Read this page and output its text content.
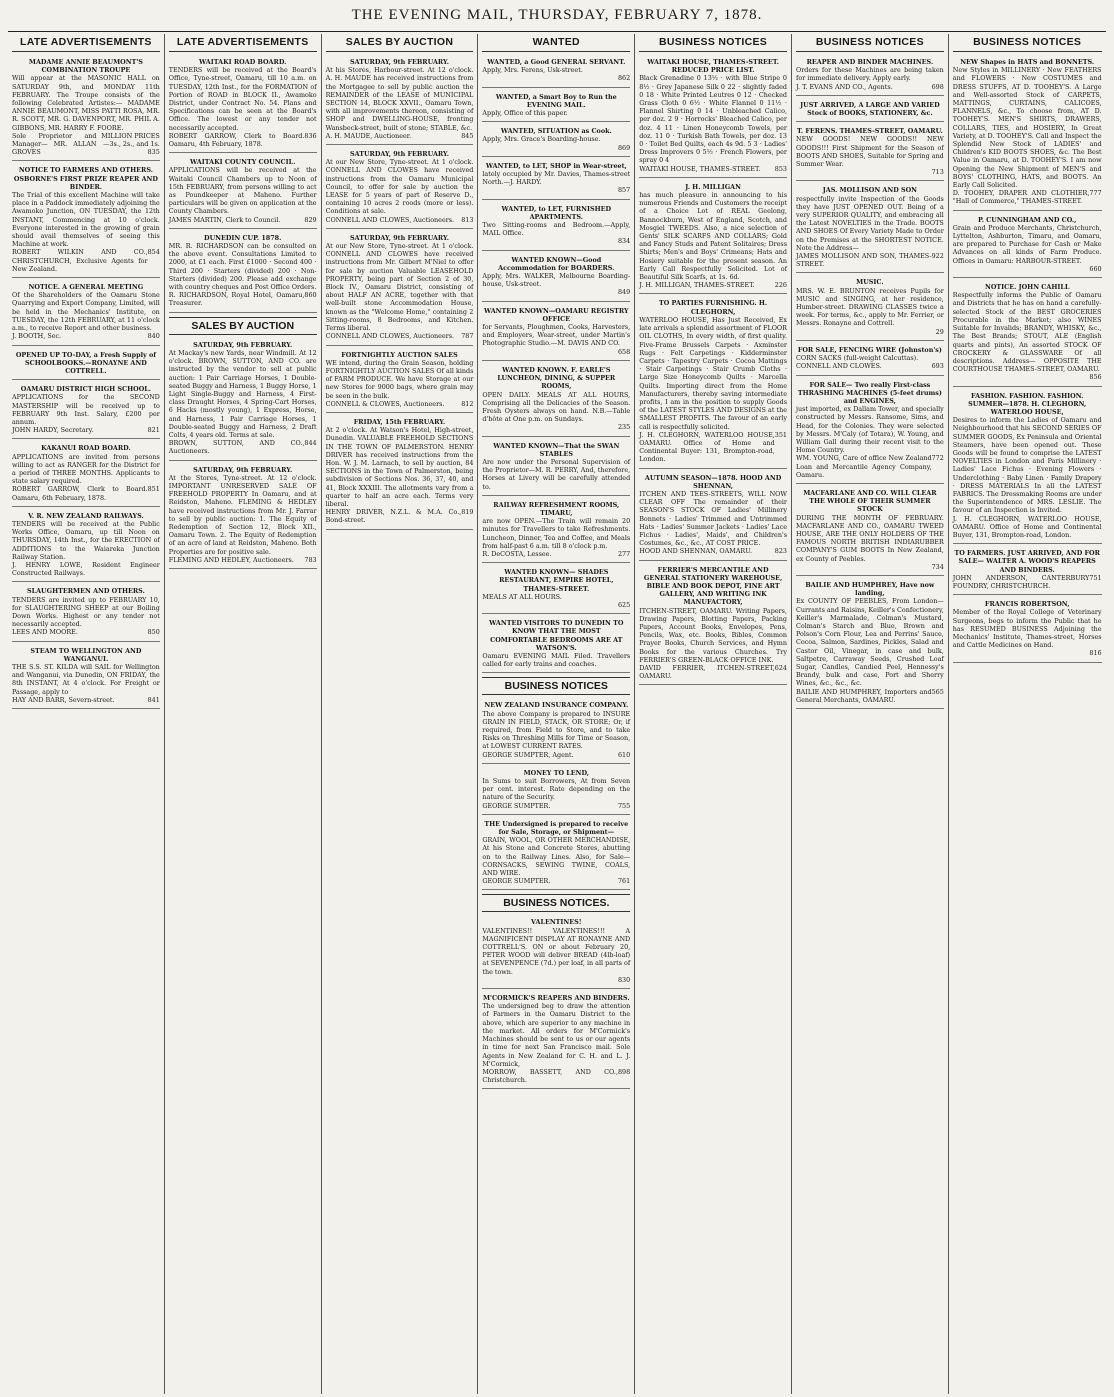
THE EVENING MAIL, THURSDAY, FEBRUARY 7, 1878.
LATE ADVERTISEMENTS

MADAME ANNIE BEAUMONT'S COMBINATION TROUPE

Will appear at the MASONIC HALL on SATURDAY 9th, and MONDAY 11th FEBRUARY. The Troupe consists of the following Celebrated Artistes:— MADAME ANNIE BEAUMONT, MISS PATTI ROSA, MR. R. SCOTT, MR. G. DAVENPORT, MR. PHIL A. GIBBONS, MR. HARRY F. FOORE.

Sole Proprietor and Manager— MR. ALLAN GROVES
MILLION PRICES—3s., 2s., and 1s. 835

NOTICE TO FARMERS AND OTHERS. OSBORNE'S FIRST PRIZE REAPER AND BINDER.

The Trial of this excellent Machine will take place in a Paddock immediately adjoining the Awamoko Junction, ON TUESDAY, the 12th INSTANT, Commencing at 10 o'clock. Everyone interested in the growing of grain should avail themselves of seeing this Machine at work.

ROBERT WILKIN AND CO., CHRISTCHURCH, Exclusive Agents for New Zealand.
854

NOTICE. A GENERAL MEETING

Of the Shareholders of the Oamaru Stone Quarrying and Export Company, Limited, will be held in the Mechanics' Institute, on TUESDAY, the 12th FEBRUARY, at 11 o'clock a.m., to receive Report and other business.

J. BOOTH, Sec.	840

OPENED UP TO-DAY, a Fresh Supply of SCHOOLBOOKS.—RONAYNE AND COTTRELL.

OAMARU DISTRICT HIGH SCHOOL.

APPLICATIONS for the SECOND MASTERSHIP will be received up to FEBRUARY 9th Inst. Salary, £200 per annum.

JOHN HARDY, Secretary.	821

KAKANUI ROAD BOARD.

APPLICATIONS are invited from persons willing to act as RANGER for the District for a period of THREE MONTHS. Applicants to state salary required.

ROBERT GARROW, Clerk to Board. Oamaru, 6th February, 1878.
851

V. R. NEW ZEALAND RAILWAYS.

TENDERS will be received at the Public Works Office, Oamaru, up till Noon on THURSDAY, 14th Inst., for the ERECTION of ADDITIONS to the Waiareka Junction Railway Station.

J. HENRY LOWE, Resident Engineer Constructed Railways.

SLAUGHTERMEN AND OTHERS.

TENDERS are invited up to FEBRUARY 10, for SLAUGHTERING SHEEP at our Boiling Down Works. Highest or any tender not necessarily accepted.

LEES AND MOORE.	850

STEAM TO WELLINGTON AND WANGANUI.

THE S.S. ST. KILDA will SAIL for Wellington and Wanganui, via Dunedin, ON FRIDAY, the 8th INSTANT, At 4 o'clock. For Freight or Passage, apply to

HAY AND BARR, Severn-street.	841
LATE ADVERTISEMENTS

WAITAKI ROAD BOARD.

TENDERS will be received at the Board's Office, Tyne-street, Oamaru, till 10 a.m. on TUESDAY, 12th Inst., for the FORMATION of Portion of ROAD in BLOCK II., Awamoko District, under Contract No. 54. Plans and Specifications can be seen at the Board's Office. The lowest or any tender not necessarily accepted.

ROBERT GARROW, Clerk to Board. Oamaru, 4th February, 1878.
836

WAITAKI COUNTY COUNCIL.

APPLICATIONS will be received at the Waitaki Council Chambers up to Noon of 15th FEBRUARY, from persons willing to act as Poundkeeper at Maheno. Further particulars will be given on application at the County Chambers.

JAMES MARTIN, Clerk to Council.	829

DUNEDIN CUP. 1878.

MR. R. RICHARDSON can be consulted on the above event. Consultations Limited to 2000, at £1 each. First £1000 · Second 400 · Third 200 · Starters (divided) 200 · Non-Starters (divided) 200. Please add exchange with country cheques and Post Office Orders.

R. RICHARDSON, Royal Hotel, Oamaru, Treasurer.
860
SALES BY AUCTION

SATURDAY, 9th FEBRUARY.

At Mackay's new Yards, near Windmill. At 12 o'clock. BROWN, SUTTON, AND CO. are instructed by the vendor to sell at public auction: 1 Pair Carriage Horses, 1 Double-seated Buggy and Harness, 1 Buggy Horse, 1 Light Single-Buggy and Harness, 4 First-class Draught Horses, 4 Spring-Cart Horses, 6 Hacks (mostly young), 1 Express, Horse, and Harness, 1 Pair Carriage Horses, 1 Double-seated Buggy and Harness, 2 Draft Colts, 4 years old. Terms at sale.

BROWN, SUTTON, AND CO., Auctioneers.
844

SATURDAY, 9th FEBRUARY.

At the Stores, Tyne-street. At 12 o'clock. IMPORTANT UNRESERVED SALE OF FREEHOLD PROPERTY In Oamaru, and at Reidston, Maheno. FLEMING & HEDLEY have received instructions from Mr. J. Farrar to sell by public auction: 1. The Equity of Redemption of Section 12, Block XII., Oamaru Town. 2. The Equity of Redemption of an acre of land at Reidston, Maheno. Both Properties are for positive sale.

FLEMING AND HEDLEY, Auctioneers. 783
SALES BY AUCTION

SATURDAY, 9th FEBRUARY.

At his Stores, Harbour-street. At 12 o'clock. A. H. MAUDE has received instructions from the Mortgagee to sell by public auction the REMAINDER of the LEASE of MUNICIPAL SECTION 14, BLOCK XXVII., Oamaru Town, with all improvements thereon, consisting of SHOP and DWELLING-HOUSE, fronting Wansbeck-street, built of stone; STABLE, &c.

A. H. MAUDE, Auctioneer.	845

SATURDAY, 9th FEBRUARY.

At our New Store, Tyne-street. At 1 o'clock. CONNELL AND CLOWES have received instructions from the Oamaru Municipal Council, to offer for sale by auction the LEASE for 5 years of part of Reserve D., containing 10 acres 2 roods (more or less). Conditions at sale.

CONNELL AND CLOWES, Auctioneers. 813

SATURDAY, 9th FEBRUARY.

At our New Store, Tyne-street. At 1 o'clock. CONNELL AND CLOWES have received instructions from Mr. Gilbert M'Niel to offer for sale by auction Valuable LEASEHOLD PROPERTY, being part of Section 2 of 30, Block IV., Oamaru District, consisting of about HALF AN ACRE, together with that well-built stone Accommodation House, known as the "Welcome Home," containing 2 Sitting-rooms, 8 Bedrooms, and Kitchen. Terms liberal.

CONNELL AND CLOWES, Auctioneers. 787

FORTNIGHTLY AUCTION SALES

WE intend, during the Grain Season, holding FORTNIGHTLY AUCTION SALES Of all kinds of FARM PRODUCE. We have Storage at our new Stores for 9000 bags, where grain may be seen in the bulk.

CONNELL & CLOWES, Auctioneers.	812

FRIDAY, 15th FEBRUARY.

At 2 o'clock. At Watson's Hotel, High-street, Dunedin. VALUABLE FREEHOLD SECTIONS IN THE TOWN OF PALMERSTON. HENRY DRIVER has received instructions from the Hon. W. J. M. Larnach, to sell by auction, 84 SECTIONS in the Town of Palmerston, being subdivision of Sections Nos. 36, 37, 40, and 41, Block XXXIII. The allotments vary from a quarter to half an acre each. Terms very liberal.

HENRY DRIVER, N.Z.L. & M.A. Co., Bond-street.
819
WANTED

WANTED, a Good GENERAL SERVANT.

Apply, Mrs. Ferens, Usk-street.

862

WANTED, a Smart Boy to Run the EVENING MAIL.

Apply, Office of this paper.

WANTED, SITUATION as Cook.

Apply, Mrs. Grace's Boarding-house.

869

WANTED, to LET, SHOP in Wear-street,

lately occupied by Mr. Davies, Thames-street North.—J. HARDY.

857

WANTED, to LET, FURNISHED APARTMENTS.

Two Sitting-rooms and Bedroom.—Apply, MAIL Office.

834

WANTED KNOWN—Good Accommodation for BOARDERS.

Apply, Mrs. WALKER, Melbourne Boarding-house, Usk-street.

849

WANTED KNOWN—OAMARU REGISTRY OFFICE

for Servants, Ploughmen, Cooks, Harvesters, and Employers, Wear-street, under Martin's Photographic Studio.—M. DAVIS AND CO.

658

WANTED KNOWN. F. EARLE'S LUNCHEON, DINING, & SUPPER ROOMS,

OPEN DAILY. MEALS AT ALL HOURS, Comprising all the Delicacies of the Season. Fresh Oysters always on hand. N.B.—Table d'hôte at One p.m. on Sundays.

235

WANTED KNOWN—That the SWAN STABLES

Are now under the Personal Supervision of the Proprietor—M. R. PERRY, And, therefore, Horses at Livery will be carefully attended to.

RAILWAY REFRESHMENT ROOMS, TIMARU,

are now OPEN.—The Train will remain 20 minutes for Travellers to take Refreshments. Luncheon, Dinner, Tea and Coffee, and Meals from half-past 6 a.m. till 8 o'clock p.m.

R. DeCOSTA, Lessee.	277

WANTED KNOWN— SHADES RESTAURANT, EMPIRE HOTEL, THAMES-STREET.

MEALS AT ALL HOURS.

625

WANTED VISITORS TO DUNEDIN TO KNOW THAT THE MOST COMFORTABLE BEDROOMS ARE AT WATSON'S.

Oamaru EVENING MAIL Filed. Travellers called for early trains and coaches.

BUSINESS NOTICES

NEW ZEALAND INSURANCE COMPANY.

The above Company is prepared to INSURE GRAIN IN FIELD, STACK, OR STORE; Or, if required, from Field to Store, and to take Risks on Threshing Mills for Time or Season, at LOWEST CURRENT RATES.

GEORGE SUMPTER, Agent.	610

MONEY TO LEND,

In Sums to suit Borrowers, At from Seven per cent. interest. Rate depending on the nature of the Security.

GEORGE SUMPTER.	755

THE Undersigned is prepared to receive for Sale, Storage, or Shipment—

GRAIN, WOOL, OR OTHER MERCHANDISE, At his Stone and Concrete Stores, abutting on to the Railway Lines. Also, for Sale— CORNSACKS, SEWING TWINE, COALS, AND WIRE.

GEORGE SUMPTER.	761
BUSINESS NOTICES.

VALENTINES!

VALENTINES!! VALENTINES!!! A MAGNIFICENT DISPLAY AT RONAYNE AND COTTRELL'S. ON or about February 20, PETER WOOD will deliver BREAD (4lb-loaf) at SEVENPENCE (7d.) per loaf, in all parts of the town.

830

M'CORMICK'S REAPERS AND BINDERS.

The undersigned beg to draw the attention of Farmers in the Oamaru District to the above, which are superior to any machine in the market. All orders for M'Cormick's Machines should be sent to us or our agents in time for next San Francisco mail. Sole Agents in New Zealand for C. H. and L. J. M'Cormick,

MORROW, BASSETT, AND CO., Christchurch.
898
BUSINESS NOTICES

WAITAKI HOUSE, THAMES-STREET. REDUCED PRICE LIST.

Black Grenadine 0 13½ · with Blue Stripe 0 8½ · Grey Japanese Silk 0 22 · slightly faded 0 18 · White Printed Leutres 0 12 · Checked Grass Cloth 0 6½ · White Flannel 0 11½ · Flannel Shirting 0 14 · Unbleached Calico, per doz. 2 9 · Horrocks' Bleached Calico, per doz. 4 11 · Linen Honeycomb Towels, per doz. 11 0 · Turkish Bath Towels, per doz. 13 0 · Toilet Bed Quilts, each 4s 9d. 5 3 · Ladies' Dress Improvers 0 5½ · French Flowers, per spray 0 4

WAITAKI HOUSE, THAMES-STREET. 853

J. H. MILLIGAN

has much pleasure in announcing to his numerous Friends and Customers the receipt of a Choice Lot of REAL Geelong, Bannockburn, West of England, Scotch, and Mosgiel TWEEDS. Also, a nice selection of Gents' SILK SCARFS AND COLLARS; Gold and Fancy Studs and Patent Solitaires; Dress Shirts; Men's and Boys' Crimeans; Hats and Hosiery suitable for the present season. An Early Call Respectfully Solicited. Lot of Beautiful Silk Scarfs, at 1s. 6d.

J. H. MILLIGAN, THAMES-STREET.	226

TO PARTIES FURNISHING. H. CLEGHORN,

WATERLOO HOUSE, Has Just Received, Ex late arrivals a splendid assortment of FLOOR OIL CLOTHS, In every width, of first quality. Five-Frame Brussels Carpets · Axminster Rugs · Felt Carpetings · Kidderminster Carpets · Tapestry Carpets · Cocoa Mattings · Stair Carpetings · Stair Crumb Cloths · Large Size Honeycomb Quilts · Marcella Quilts. Importing direct from the Home Manufacturers, thereby saving intermediate profits, I am in the position to supply Goods of the LATEST STYLES AND DESIGNS at the SMALLEST PROFITS. The favour of an early call is respectfully solicited.

J. H. CLEGHORN, WATERLOO HOUSE, OAMARU. Office of Home and Continental Buyer: 131, Brompton-road, London.
351

AUTUMN SEASON—1878. HOOD AND SHENNAN,

ITCHEN AND TEES-STREETS, WILL NOW CLEAR OFF The remainder of their SEASON'S STOCK OF Ladies' Millinery Bonnets · Ladies' Trimmed and Untrimmed Hats · Ladies' Summer Jackets · Ladies' Lace Fichus · Ladies', Maids', and Children's Costumes, &c., &c., AT COST PRICE.

HOOD AND SHENNAN, OAMARU.	823

FERRIER'S MERCANTILE AND GENERAL STATIONERY WAREHOUSE, BIBLE AND BOOK DEPOT, FINE ART GALLERY, AND WRITING INK MANUFACTORY,

ITCHEN-STREET, OAMARU. Writing Papers, Drawing Papers, Blotting Papers, Packing Papers, Account Books, Envelopes, Pens, Pencils, Wax, etc. Books, Bibles, Common Prayer Books, Church Services, and Hymn Books for the various Churches. Try FERRIER'S GREEN-BLACK OFFICE INK.

DAVID FERRIER, ITCHEN-STREET, OAMARU.
624
BUSINESS NOTICES

REAPER AND BINDER MACHINES.

Orders for these Machines are being taken for immediate delivery. Apply early.

J. T. EVANS AND CO., Agents.	698

JUST ARRIVED, A LARGE AND VARIED Stock of BOOKS, STATIONERY, &c.

T. FERENS. THAMES-STREET, OAMARU.

NEW GOODS! NEW GOODS!! NEW GOODS!!! First Shipment for the Season of BOOTS AND SHOES, Suitable for Spring and Summer Wear.

713

JAS. MOLLISON AND SON

respectfully invite Inspection of the Goods they have JUST OPENED OUT. Being of a very SUPERIOR QUALITY, and embracing all the Latest NOVELTIES in the Trade. BOOTS AND SHOES Of Every Variety Made to Order on the Premises at the SHORTEST NOTICE. Note the Address—

JAMES MOLLISON AND SON, THAMES-STREET.
922

MUSIC.

MRS. W. E. BRUNTON receives Pupils for MUSIC and SINGING, at her residence, Humber-street. DRAWING CLASSES twice a week. For terms, &c., apply to Mr. Ferrier, or Messrs. Ronayne and Cottrell.

29

FOR SALE, FENCING WIRE (Johnston's)

CORN SACKS (full-weight Calcuttas).

CONNELL AND CLOWES.	693

FOR SALE— Two really First-class THRASHING MACHINES (5-feet drums) and ENGINES,

just imported, ex Dallam Tower, and specially constructed by Messrs. Ransome, Sims, and Head, for the Colonies. They were selected by Messrs. M'Caly (of Totara), W. Young, and William Gall during their recent visit to the Home Country.

WM. YOUNG, Care of office New Zealand Loan and Mercantile Agency Company, Oamaru.
772

MACFARLANE AND CO. WILL CLEAR THE WHOLE OF THEIR SUMMER STOCK

DURING THE MONTH OF FEBRUARY. MACFARLANE AND CO., OAMARU TWEED HOUSE, ARE THE ONLY HOLDERS OF THE FAMOUS NORTH BRITISH INDIARUBBER COMPANY'S GUM BOOTS In New Zealand, ex County of Peebles.

734

BAILIE AND HUMPHREY, Have now landing,

Ex COUNTY OF PEEBLES, From London— Currants and Raisins, Keiller's Confectionery, Keiller's Marmalade, Colman's Mustard, Colman's Starch and Blue, Brown and Polson's Corn Flour, Lea and Perrins' Sauce, Cocoa, Salmon, Sardines, Pickles, Salad and Castor Oil, Vinegar, in case and bulk, Saltpetre, Carraway Seeds, Crushed Loaf Sugar, Candles, Candied Peel, Hennessy's Brandy, bulk and case, Port and Sherry Wines, &c., &c., &c.

BAILIE AND HUMPHREY, Importers and General Merchants, OAMARU.
565
BUSINESS NOTICES

NEW Shapes in HATS and BONNETS.

New Styles in MILLINERY · New FEATHERS and FLOWERS · New COSTUMES and DRESS STUFFS, AT D. TOOHEY'S. A Large and Well-assorted Stock of CARPETS, MATTINGS, CURTAINS, CALICOES, FLANNELS, &c., To choose from, AT D. TOOHEY'S. MEN'S SHIRTS, DRAWERS, COLLARS, TIES, and HOSIERY, In Great Variety, at D. TOOHEY'S. Call and Inspect the Splendid New Stock of LADIES' and Children's KID BOOTS SHOES, &c. The Best Value in Oamaru, at D. TOOHEY'S. I am now Opening the New Shipment of MEN'S and BOYS' CLOTHING, HATS, and BOOTS. An Early Call Solicited.

D. TOOHEY, DRAPER AND CLOTHIER, "Hall of Commerce," THAMES-STREET.
777

P. CUNNINGHAM AND CO.,

Grain and Produce Merchants, Christchurch, Lyttelton, Ashburton, Timaru, and Oamaru, are prepared to Purchase for Cash or Make Advances on all kinds of Farm Produce. Offices in Oamaru: HARBOUR-STREET.

660

NOTICE. JOHN CAHILL

Respectfully informs the Public of Oamaru and Districts that he has on hand a carefully-selected Stock of the BEST GROCERIES Procurable in the Market; also WINES Suitable for Invalids; BRANDY, WHISKY, &c., The Best Brands; STOUT, ALE (English quarts and pints), An assorted STOCK OF CROCKERY & GLASSWARE Of all descriptions. Address— OPPOSITE THE COURTHOUSE THAMES-STREET, OAMARU.

856

FASHION. FASHION. FASHION. SUMMER—1878. H. CLEGHORN, WATERLOO HOUSE,

Desires to inform the Ladies of Oamaru and Neighbourhood that his SECOND SERIES OF SUMMER GOODS, Ex Peninsula and Oriental Steamers, have been opened out. These Goods will be found to comprise the LATEST NOVELTIES in London and Paris Millinery · Ladies' Lace Fichus · Evening Flowers · Underclothing · Baby Linen · Family Drapery · DRESS MATERIALS In all the LATEST FABRICS. The Dressmaking Rooms are under the Superintendence of MRS. LESLIE. The favour of an Inspection is Invited.

J. H. CLEGHORN, WATERLOO HOUSE, OAMARU. Office of Home and Continental Buyer, 131, Brompton-road, London.

TO FARMERS. JUST ARRIVED, AND FOR SALE— WALTER A. WOOD'S REAPERS AND BINDERS.

JOHN ANDERSON, CANTERBURY FOUNDRY, CHRISTCHURCH.
751

FRANCIS ROBERTSON,

Member of the Royal College of Veterinary Surgeons, begs to inform the Public that he has RESUMED BUSINESS Adjoining the Mechanics' Institute, Thames-street, Horses and Cattle Medicines on Hand.

816
